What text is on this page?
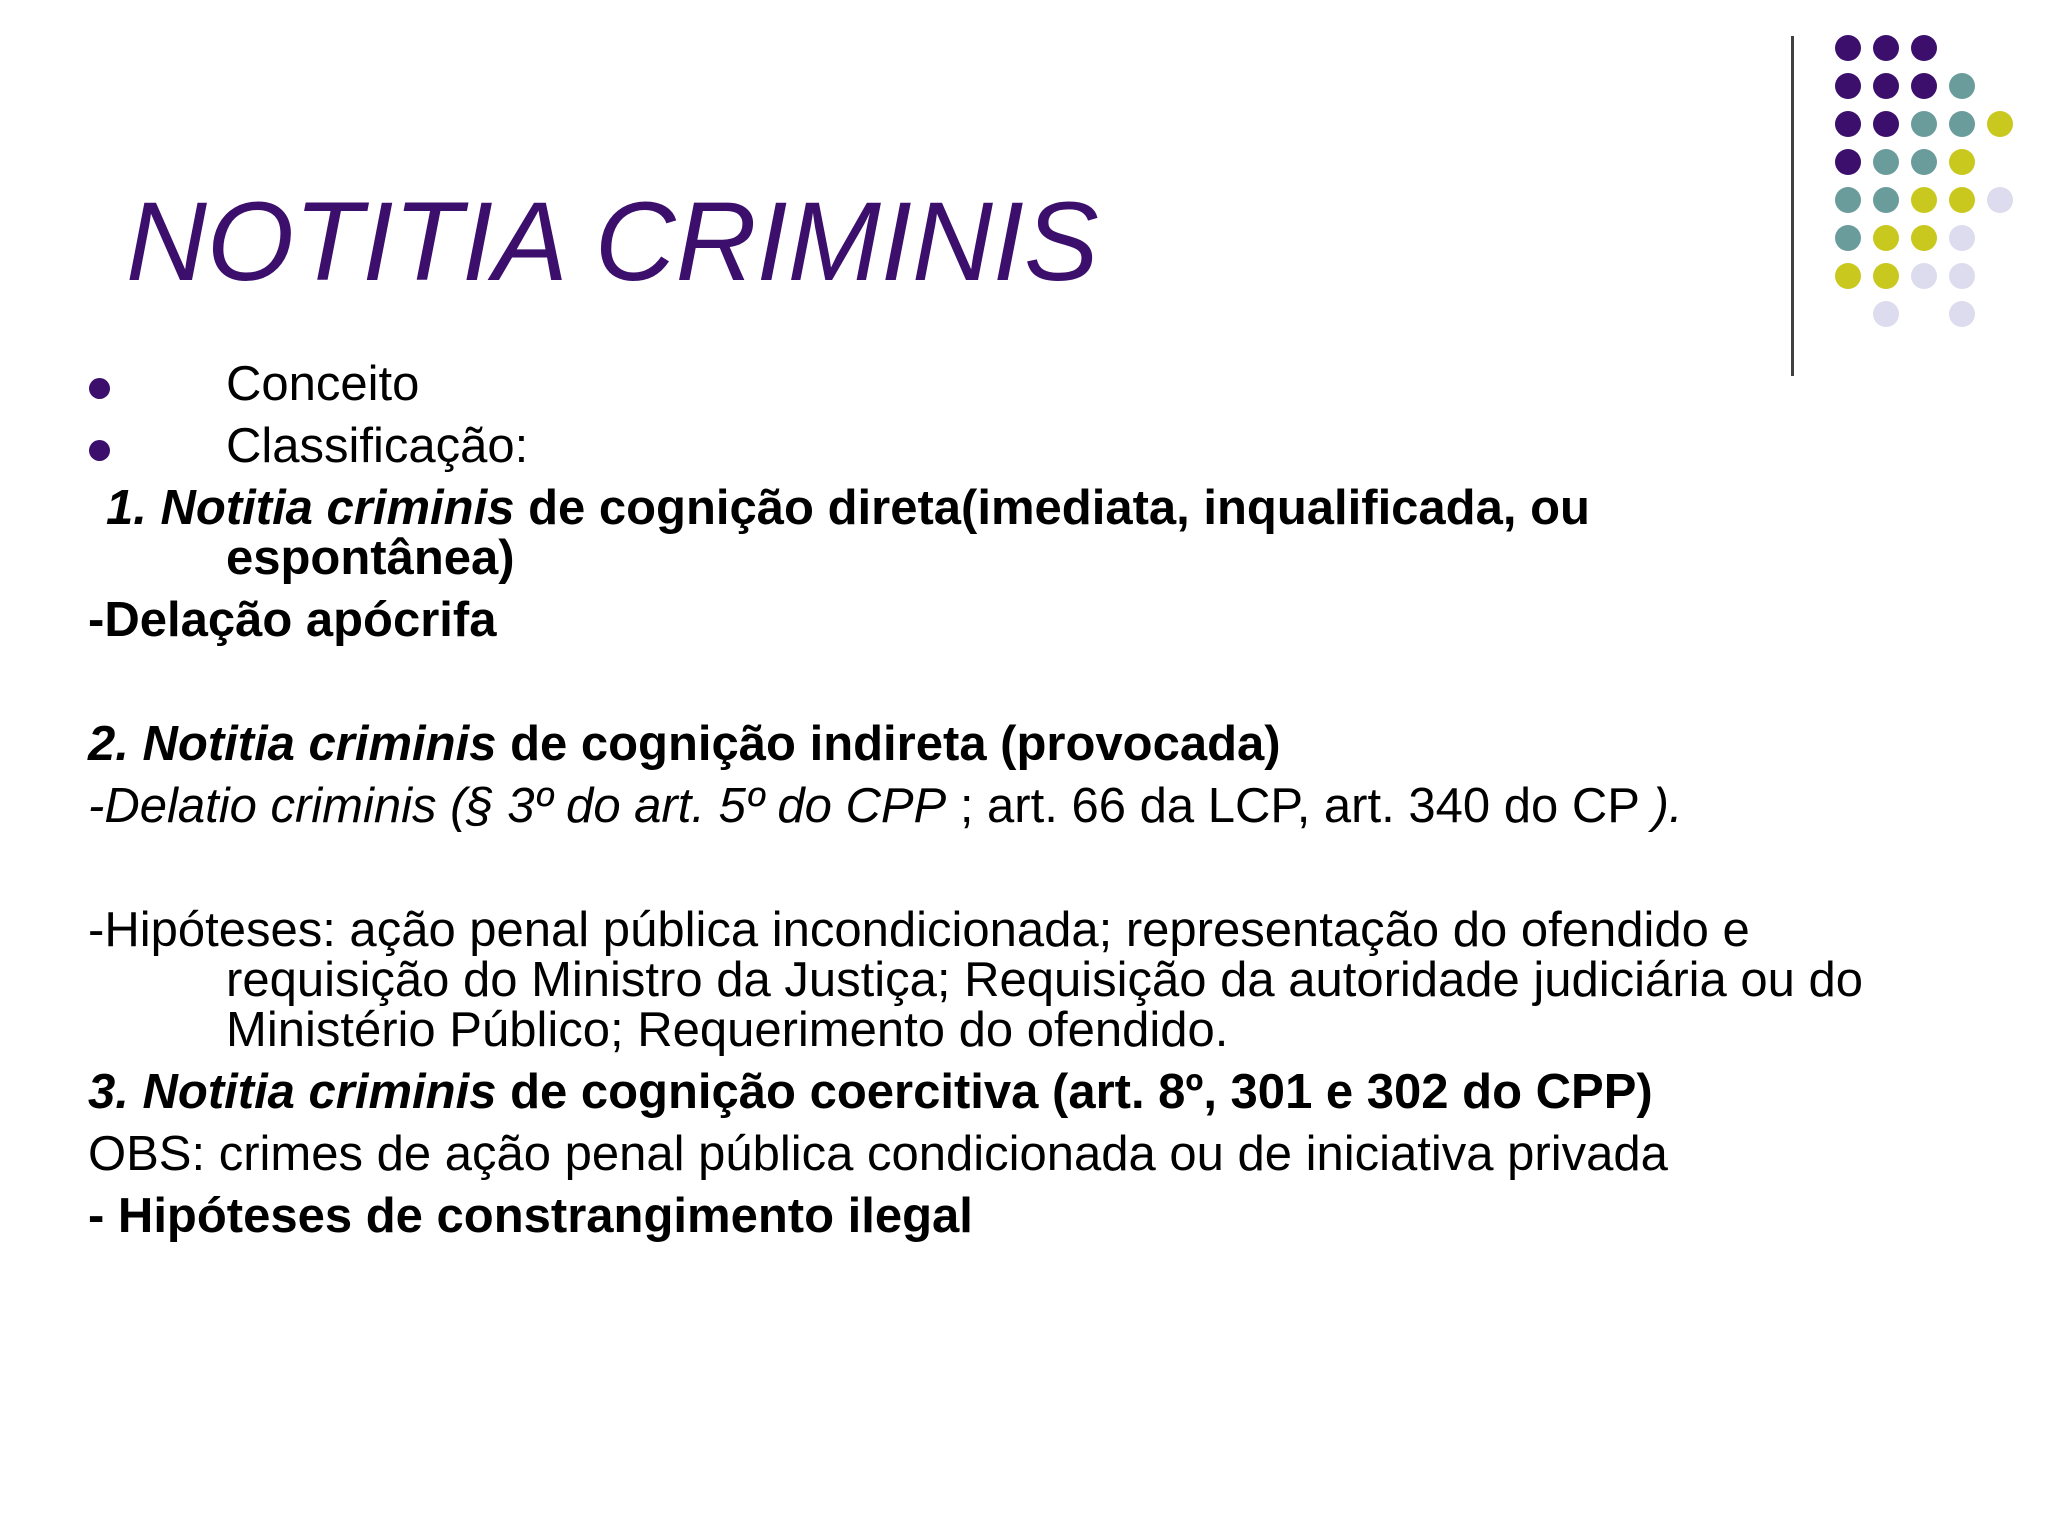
NOTITIA CRIMINIS
Conceito
Classificação:
1. Notitia criminis de cognição direta(imediata, inqualificada, ou
espontânea)
-Delação apócrifa
2. Notitia criminis de cognição indireta (provocada)
-Delatio criminis (§ 3º do art. 5º do CPP ; art. 66 da LCP, art. 340 do CP ).
-Hipóteses: ação penal pública incondicionada; representação do ofendido e
requisição do Ministro da Justiça; Requisição da autoridade judiciária ou do
Ministério Público; Requerimento do ofendido.
3. Notitia criminis de cognição coercitiva (art. 8º, 301 e 302 do CPP)
OBS: crimes de ação penal pública condicionada ou de iniciativa privada
- Hipóteses de constrangimento ilegal
